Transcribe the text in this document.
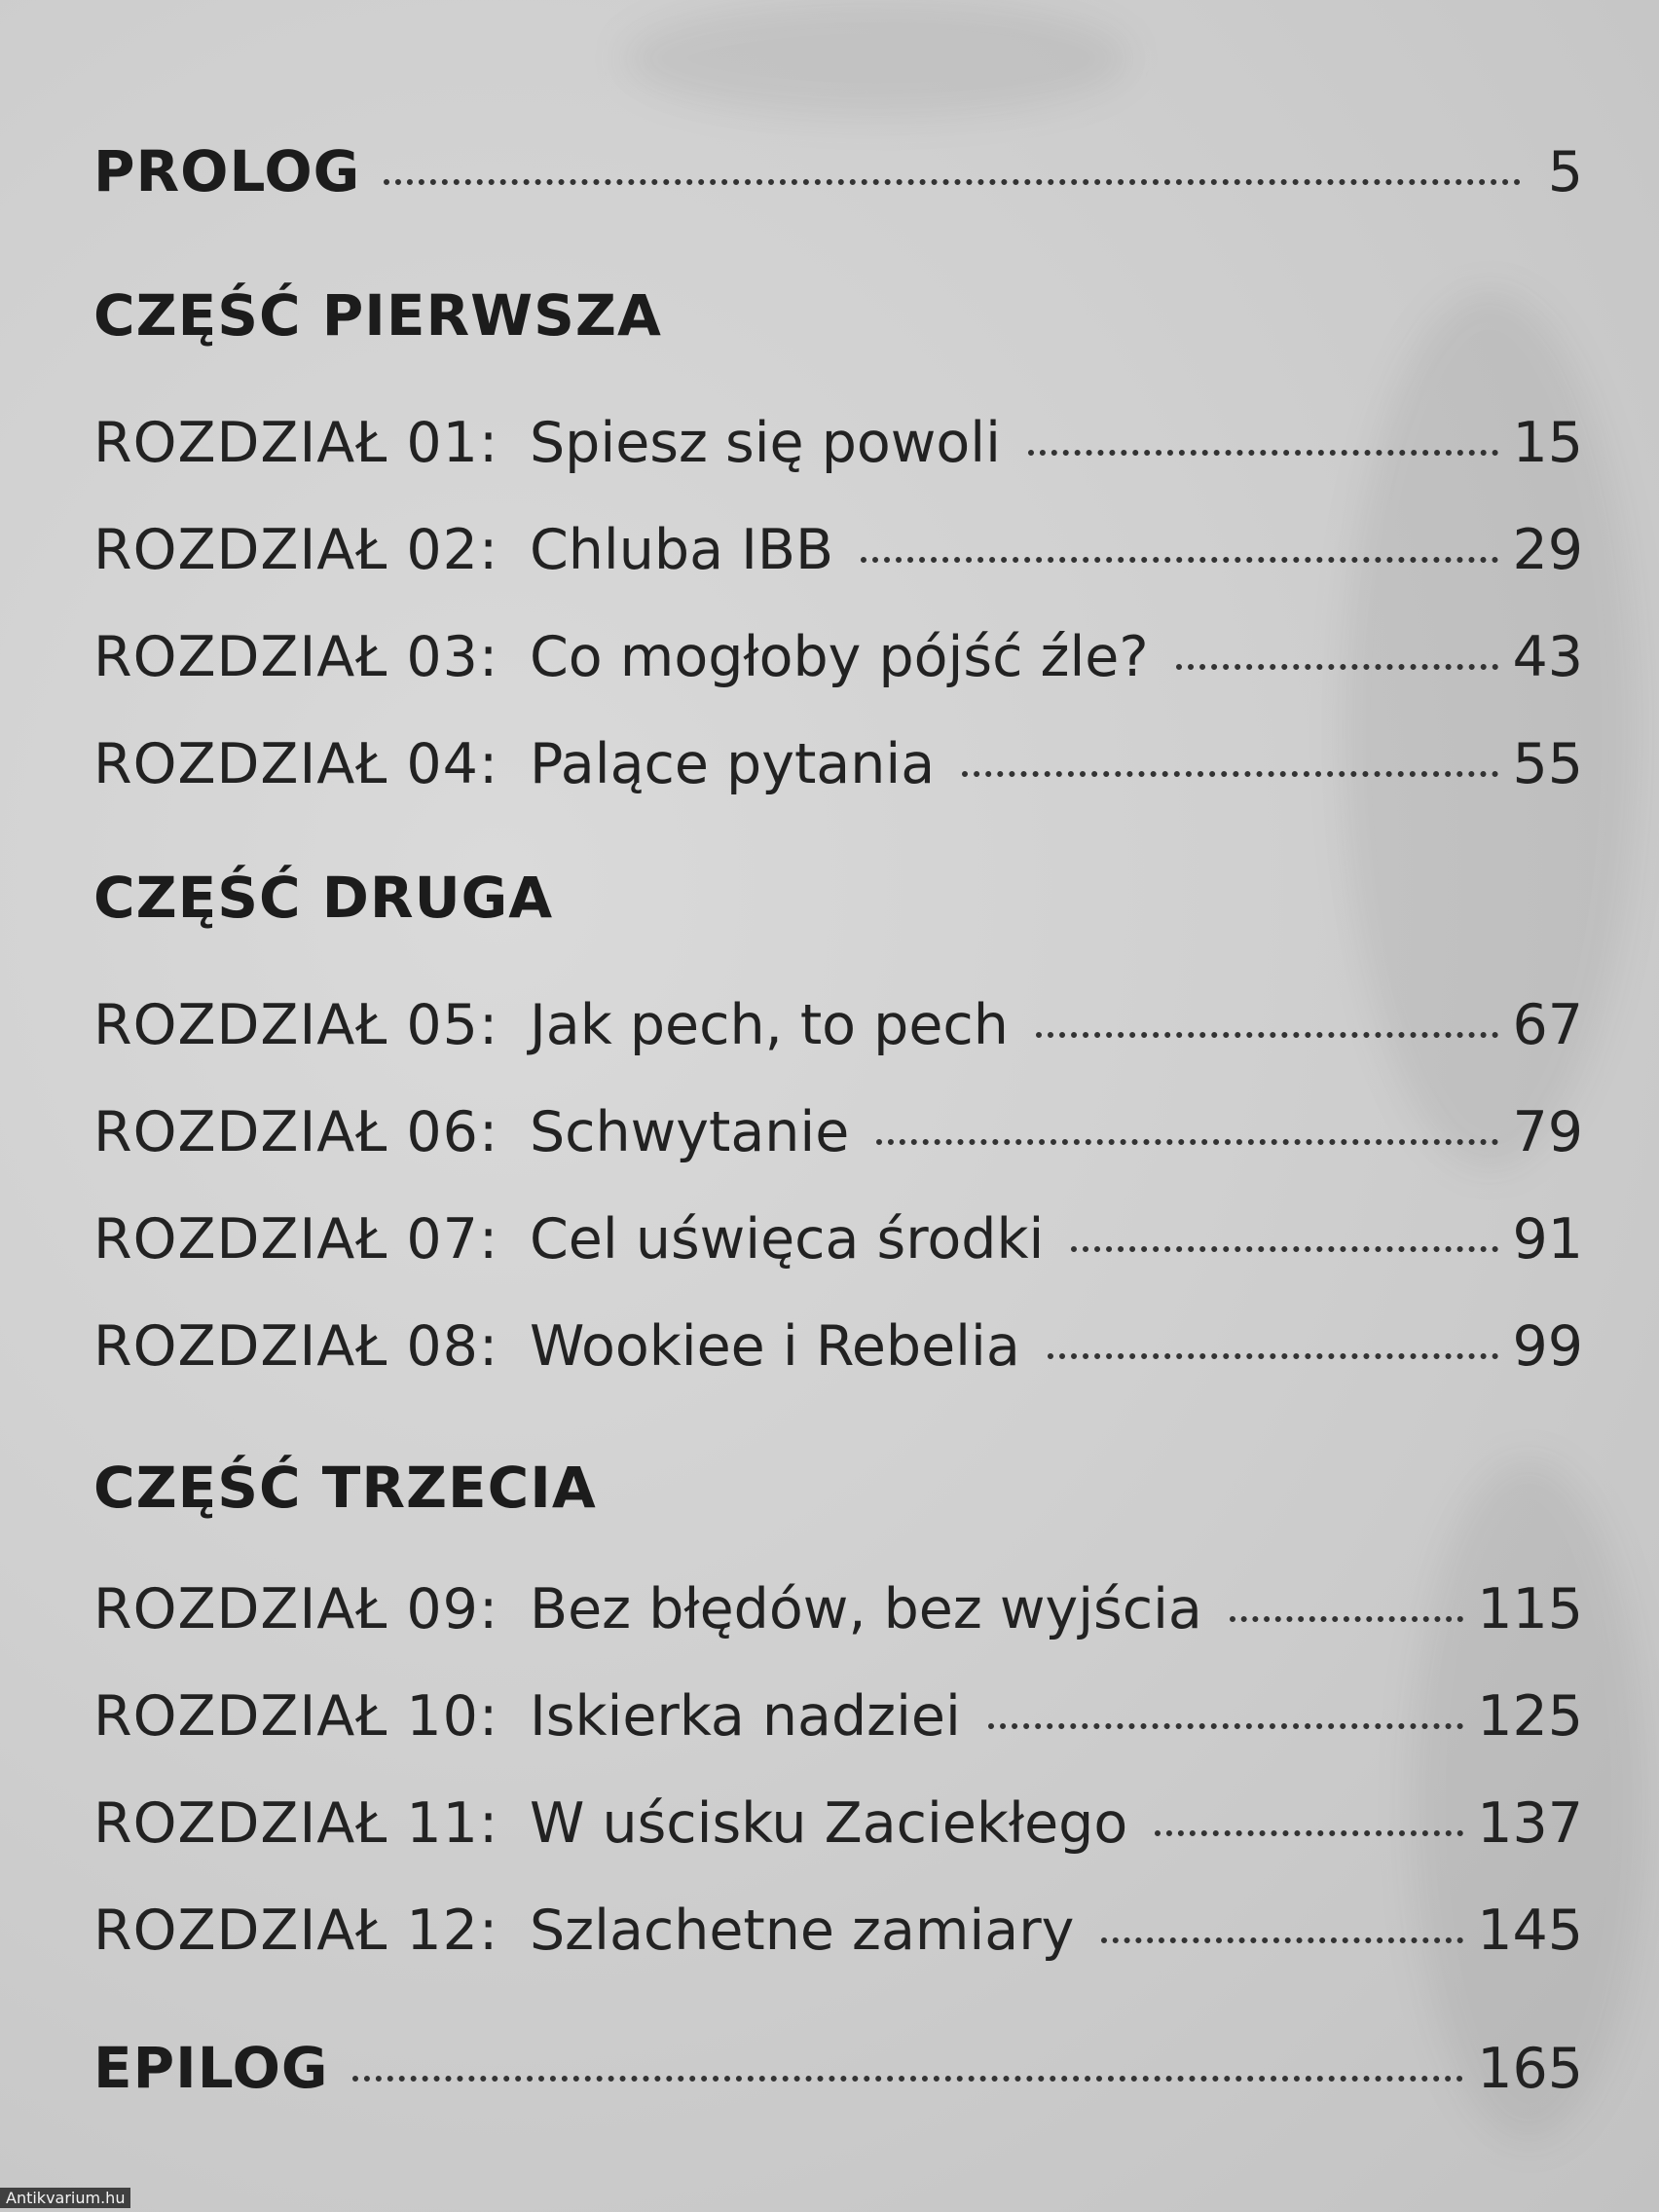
PROLOG	5
CZĘŚĆ PIERWSZA
ROZDZIAŁ 01: Spiesz się powoli	15
ROZDZIAŁ 02: Chluba IBB	29
ROZDZIAŁ 03: Co mogłoby pójść źle?	43
ROZDZIAŁ 04: Palące pytania	55
CZĘŚĆ DRUGA
ROZDZIAŁ 05: Jak pech, to pech	67
ROZDZIAŁ 06: Schwytanie	79
ROZDZIAŁ 07: Cel uświęca środki	91
ROZDZIAŁ 08: Wookiee i Rebelia	99
CZĘŚĆ TRZECIA
ROZDZIAŁ 09: Bez błędów, bez wyjścia	115
ROZDZIAŁ 10: Iskierka nadziei	125
ROZDZIAŁ 11: W uścisku Zaciekłego	137
ROZDZIAŁ 12: Szlachetne zamiary	145
EPILOG	165
Antikvarium.hu
